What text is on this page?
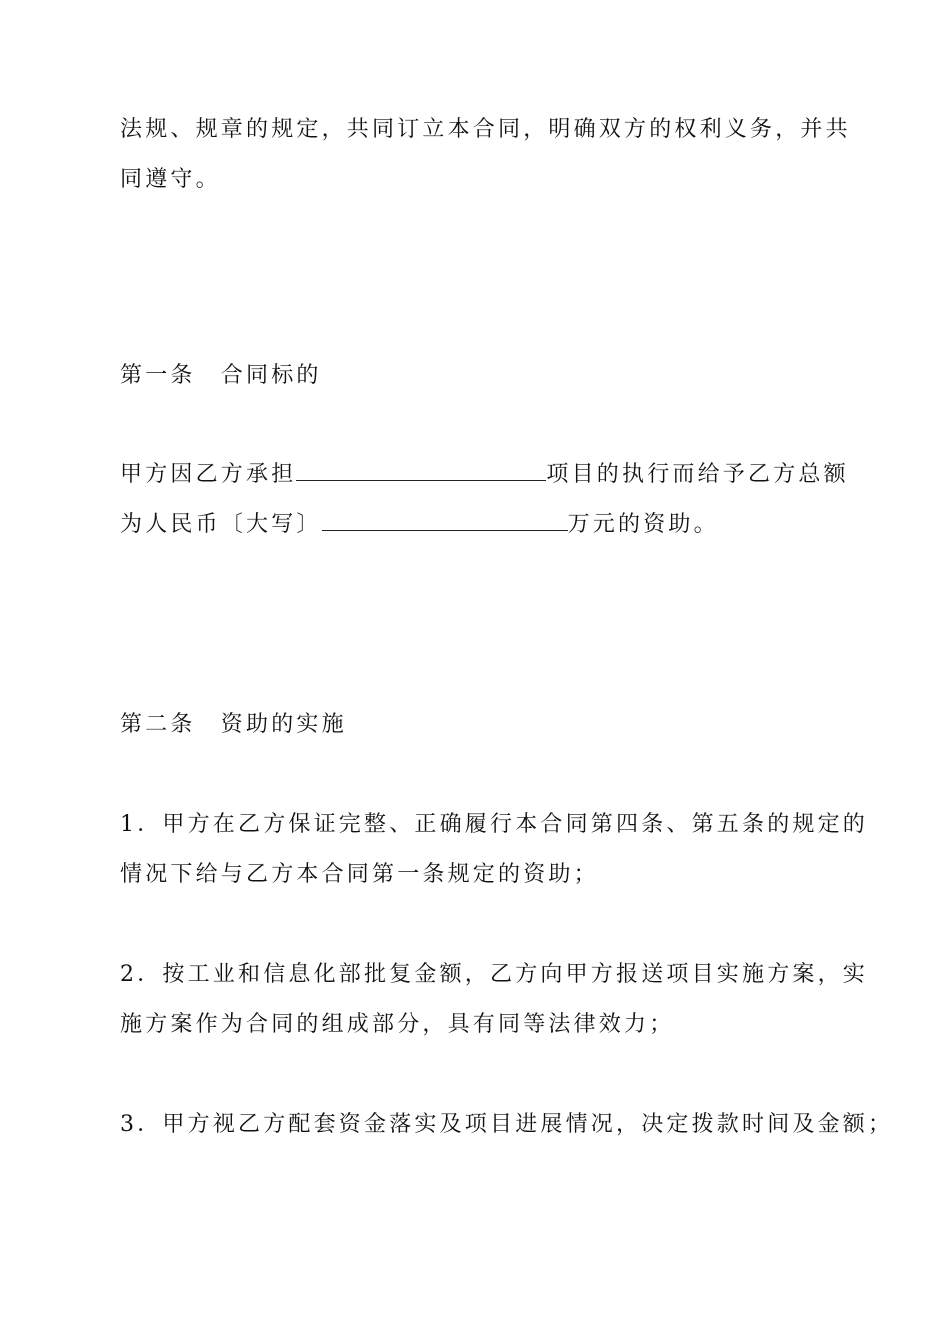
法规、规章的规定，共同订立本合同，明确双方的权利义务，并共
同遵守。
第一条　合同标的
甲方因乙方承担	项目的执行而给予乙方总额
为人民币〔大写〕	万元的资助。
第二条　资助的实施
1．甲方在乙方保证完整、正确履行本合同第四条、第五条的规定的
情况下给与乙方本合同第一条规定的资助；
2．按工业和信息化部批复金额，乙方向甲方报送项目实施方案，实
施方案作为合同的组成部分，具有同等法律效力；
3．甲方视乙方配套资金落实及项目进展情况，决定拨款时间及金额；
